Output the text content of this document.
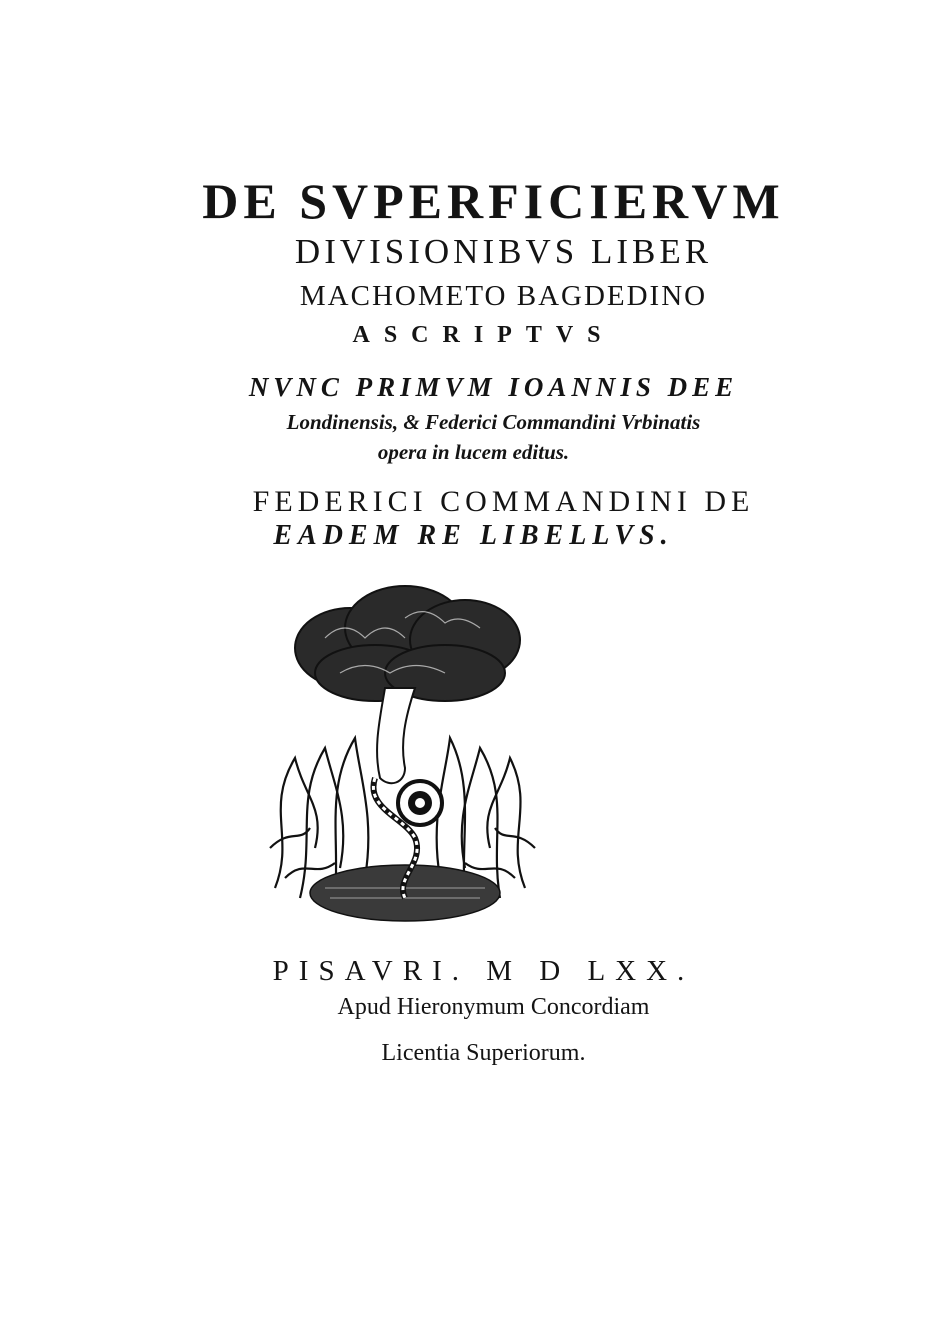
DE SVPERFICIERVM
DIVISIONIBVS LIBER
MACHOMETO BAGDEDINO
ASCRIPTVS
NVNC PRIMVM IOANNIS DEE
Londinensis, & Federici Commandini Vrbinatis
opera in lucem editus.
FEDERICI COMMANDINI DE
EADEM RE LIBELLVS.
PISAVRI. M D LXX.
Apud Hieronymum Concordiam
Licentia Superiorum.
